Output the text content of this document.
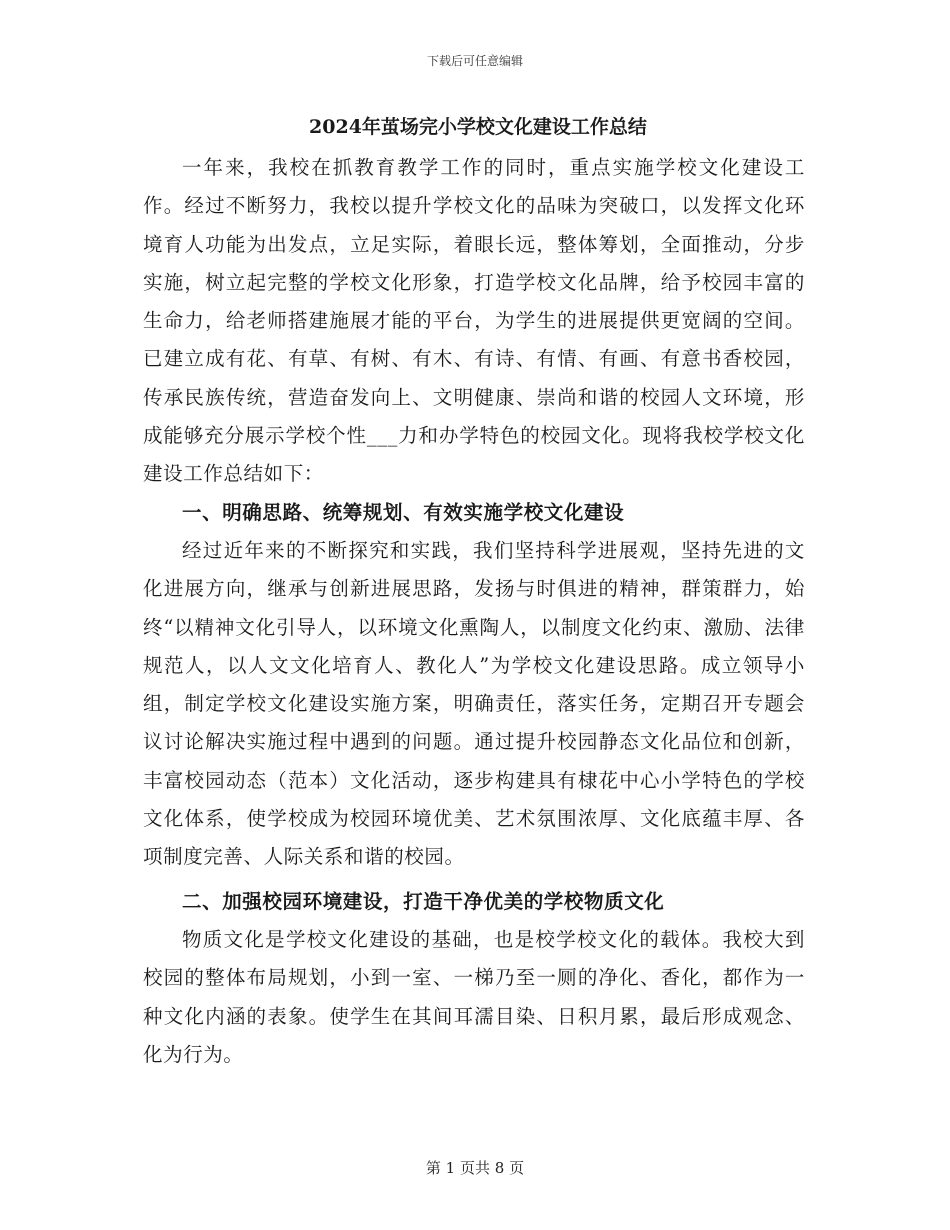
下载后可任意编辑
2024年茧场完小学校文化建设工作总结

一年来，我校在抓教育教学工作的同时，重点实施学校文化建设工作。经过不断努力，我校以提升学校文化的品味为突破口，以发挥文化环境育人功能为出发点，立足实际，着眼长远，整体筹划，全面推动，分步实施，树立起完整的学校文化形象，打造学校文化品牌，给予校园丰富的生命力，给老师搭建施展才能的平台，为学生的进展提供更宽阔的空间。已建立成有花、有草、有树、有木、有诗、有情、有画、有意书香校园，传承民族传统，营造奋发向上、文明健康、崇尚和谐的校园人文环境，形成能够充分展示学校个性___力和办学特色的校园文化。现将我校学校文化建设工作总结如下：

一、明确思路、统筹规划、有效实施学校文化建设

经过近年来的不断探究和实践，我们坚持科学进展观，坚持先进的文化进展方向，继承与创新进展思路，发扬与时俱进的精神，群策群力，始终“以精神文化引导人，以环境文化熏陶人，以制度文化约束、激励、法律规范人，以人文文化培育人、教化人”为学校文化建设思路。成立领导小组，制定学校文化建设实施方案，明确责任，落实任务，定期召开专题会议讨论解决实施过程中遇到的问题。通过提升校园静态文化品位和创新，丰富校园动态（范本）文化活动，逐步构建具有棣花中心小学特色的学校文化体系，使学校成为校园环境优美、艺术氛围浓厚、文化底蕴丰厚、各项制度完善、人际关系和谐的校园。

二、加强校园环境建设，打造干净优美的学校物质文化

物质文化是学校文化建设的基础，也是校学校文化的载体。我校大到校园的整体布局规划，小到一室、一梯乃至一厕的净化、香化，都作为一种文化内涵的表象。使学生在其间耳濡目染、日积月累，最后形成观念、化为行为。

第 1 页共 8 页
